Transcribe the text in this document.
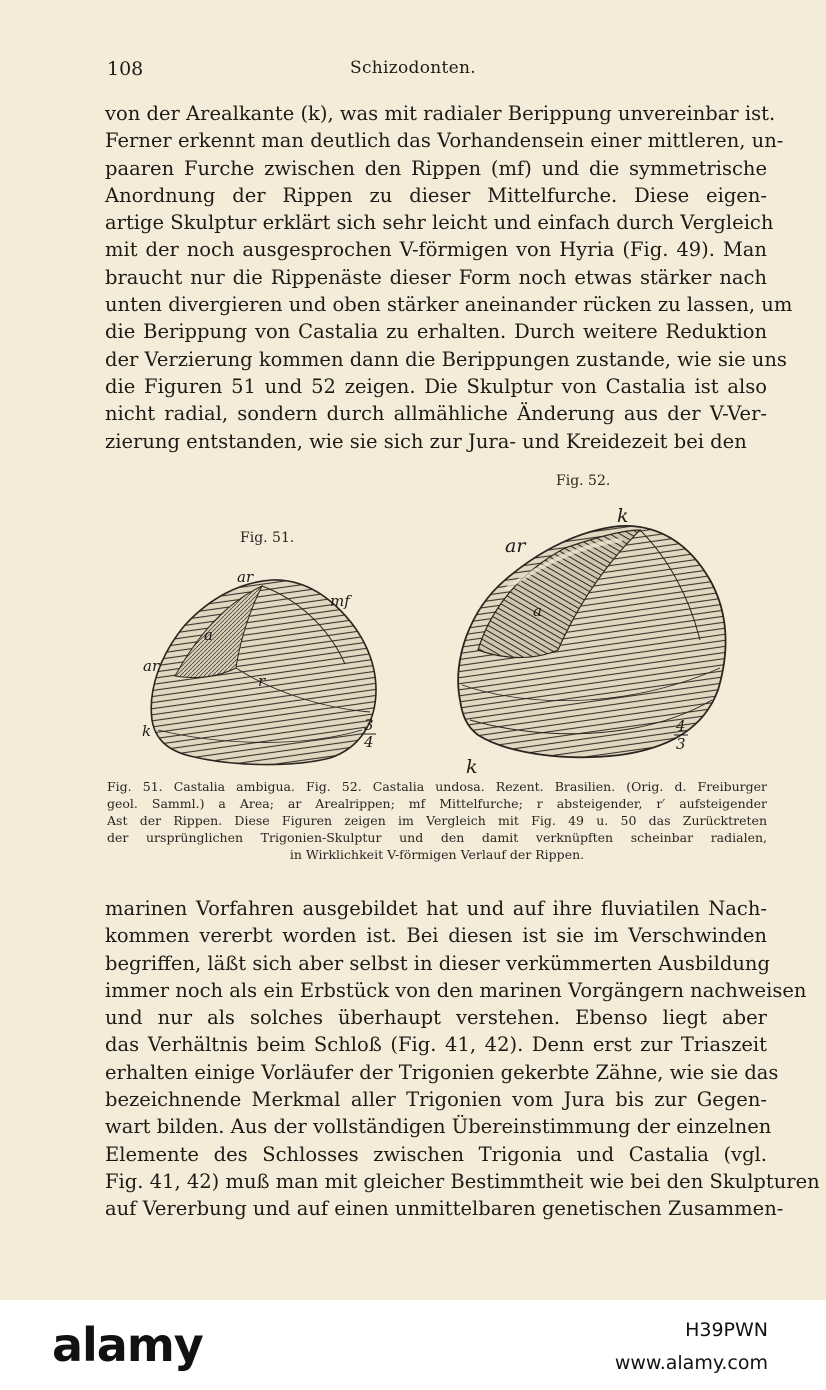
108	Schizodonten.
von der Arealkante (k), was mit radialer Berippung unvereinbar ist.
Ferner erkennt man deutlich das Vorhandensein einer mittleren, un-
paaren Furche zwischen den Rippen (mf) und die symmetrische
Anordnung der Rippen zu dieser Mittelfurche. Diese eigen-
artige Skulptur erklärt sich sehr leicht und einfach durch Vergleich
mit der noch ausgesprochen V-förmigen von Hyria (Fig. 49). Man
braucht nur die Rippenäste dieser Form noch etwas stärker nach
unten divergieren und oben stärker aneinander rücken zu lassen, um
die Berippung von Castalia zu erhalten. Durch weitere Reduktion
der Verzierung kommen dann die Berippungen zustande, wie sie uns
die Figuren 51 und 52 zeigen. Die Skulptur von Castalia ist also
nicht radial, sondern durch allmähliche Änderung aus der V-Ver-
zierung entstanden, wie sie sich zur Jura- und Kreidezeit bei den
Fig. 51.
Fig. 52.
ar
mf
a
ar
r
k	3
4
k
ar
a
k
4
3
Fig. 51. Castalia ambigua. Fig. 52. Castalia undosa. Rezent. Brasilien. (Orig. d. Freiburger
geol. Samml.) a Area; ar Arealrippen; mf Mittelfurche; r absteigender, r′ aufsteigender
Ast der Rippen. Diese Figuren zeigen im Vergleich mit Fig. 49 u. 50 das Zurücktreten
der ursprünglichen Trigonien-Skulptur und den damit verknüpften scheinbar radialen,
in Wirklichkeit V-förmigen Verlauf der Rippen.
marinen Vorfahren ausgebildet hat und auf ihre fluviatilen Nach-
kommen vererbt worden ist. Bei diesen ist sie im Verschwinden
begriffen, läßt sich aber selbst in dieser verkümmerten Ausbildung
immer noch als ein Erbstück von den marinen Vorgängern nachweisen
und nur als solches überhaupt verstehen. Ebenso liegt aber
das Verhältnis beim Schloß (Fig. 41, 42). Denn erst zur Triaszeit
erhalten einige Vorläufer der Trigonien gekerbte Zähne, wie sie das
bezeichnende Merkmal aller Trigonien vom Jura bis zur Gegen-
wart bilden. Aus der vollständigen Übereinstimmung der einzelnen
Elemente des Schlosses zwischen Trigonia und Castalia (vgl.
Fig. 41, 42) muß man mit gleicher Bestimmtheit wie bei den Skulpturen
auf Vererbung und auf einen unmittelbaren genetischen Zusammen-
alamy	H39PWN
www.alamy.com
